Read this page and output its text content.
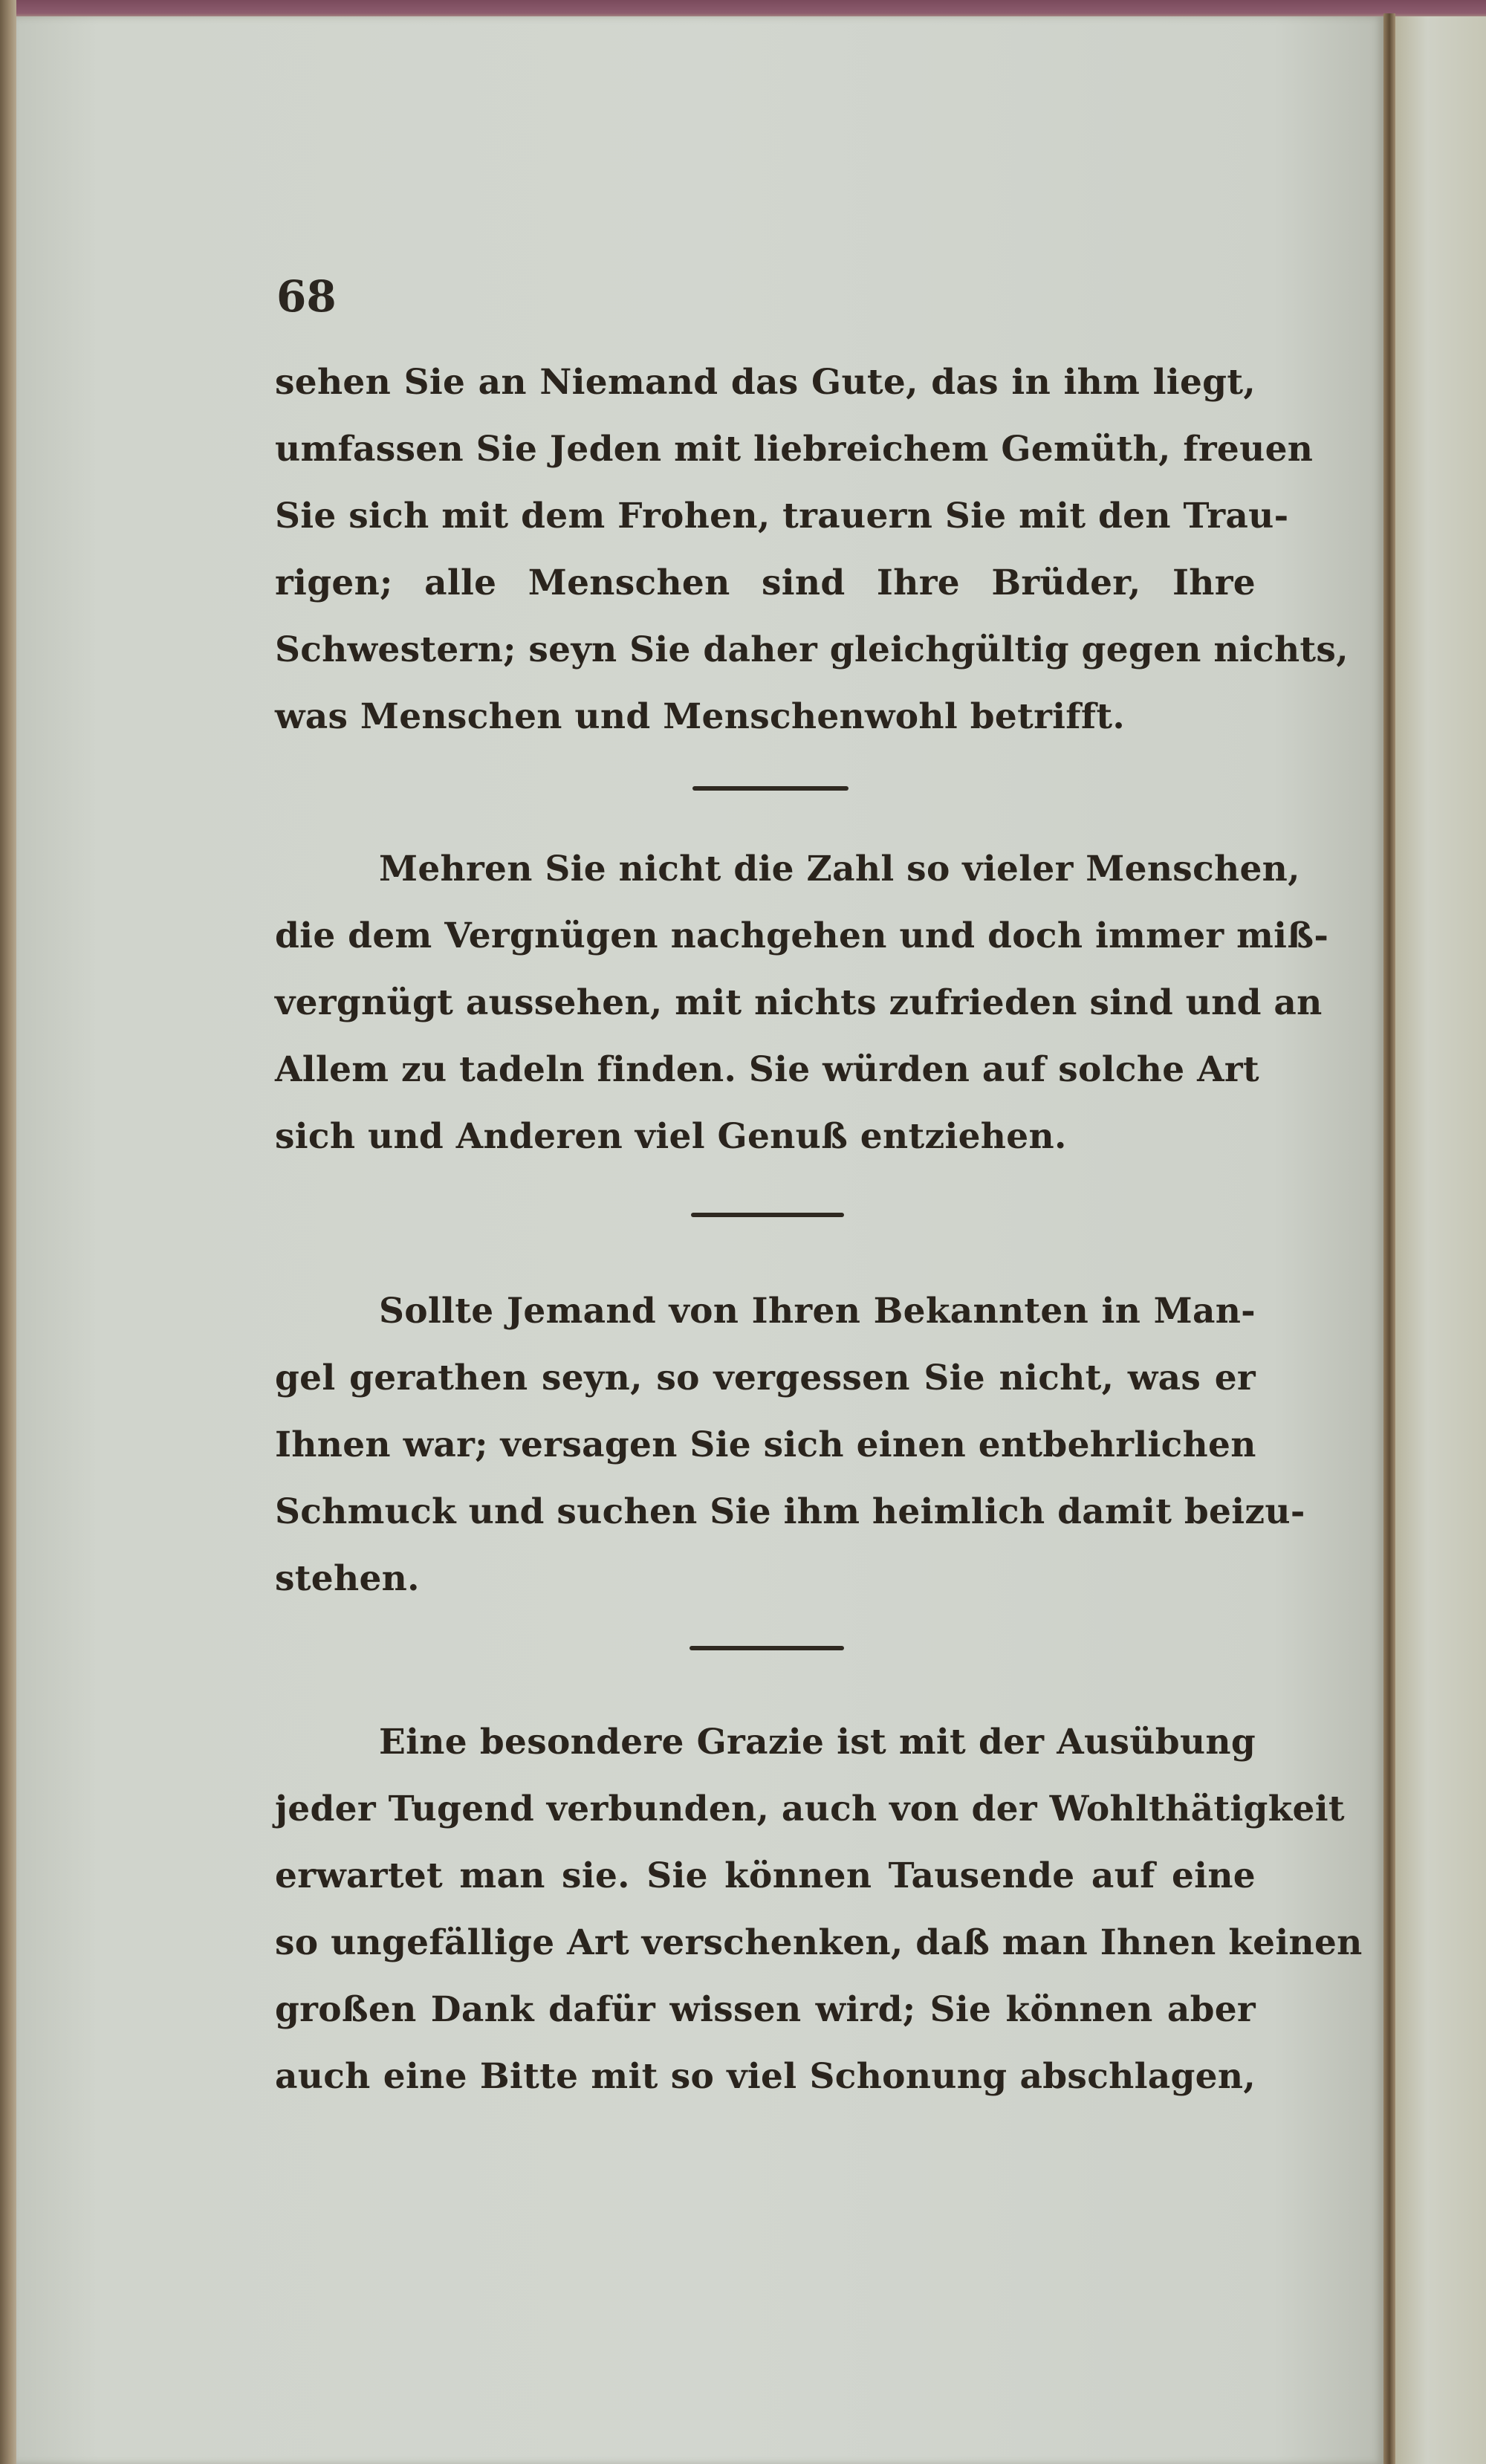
68
sehen Sie an Niemand das Gute, das in ihm liegt,
umfassen Sie Jeden mit liebreichem Gemüth, freuen
Sie sich mit dem Frohen, trauern Sie mit den Trau-
rigen; alle Menschen sind Ihre Brüder, Ihre
Schwestern; seyn Sie daher gleichgültig gegen nichts,
was Menschen und Menschenwohl betrifft.
Mehren Sie nicht die Zahl so vieler Menschen,
die dem Vergnügen nachgehen und doch immer miß-
vergnügt aussehen, mit nichts zufrieden sind und an
Allem zu tadeln finden. Sie würden auf solche Art
sich und Anderen viel Genuß entziehen.
Sollte Jemand von Ihren Bekannten in Man-
gel gerathen seyn, so vergessen Sie nicht, was er
Ihnen war; versagen Sie sich einen entbehrlichen
Schmuck und suchen Sie ihm heimlich damit beizu-
stehen.
Eine besondere Grazie ist mit der Ausübung
jeder Tugend verbunden, auch von der Wohlthätigkeit
erwartet man sie. Sie können Tausende auf eine
so ungefällige Art verschenken, daß man Ihnen keinen
großen Dank dafür wissen wird; Sie können aber
auch eine Bitte mit so viel Schonung abschlagen,
